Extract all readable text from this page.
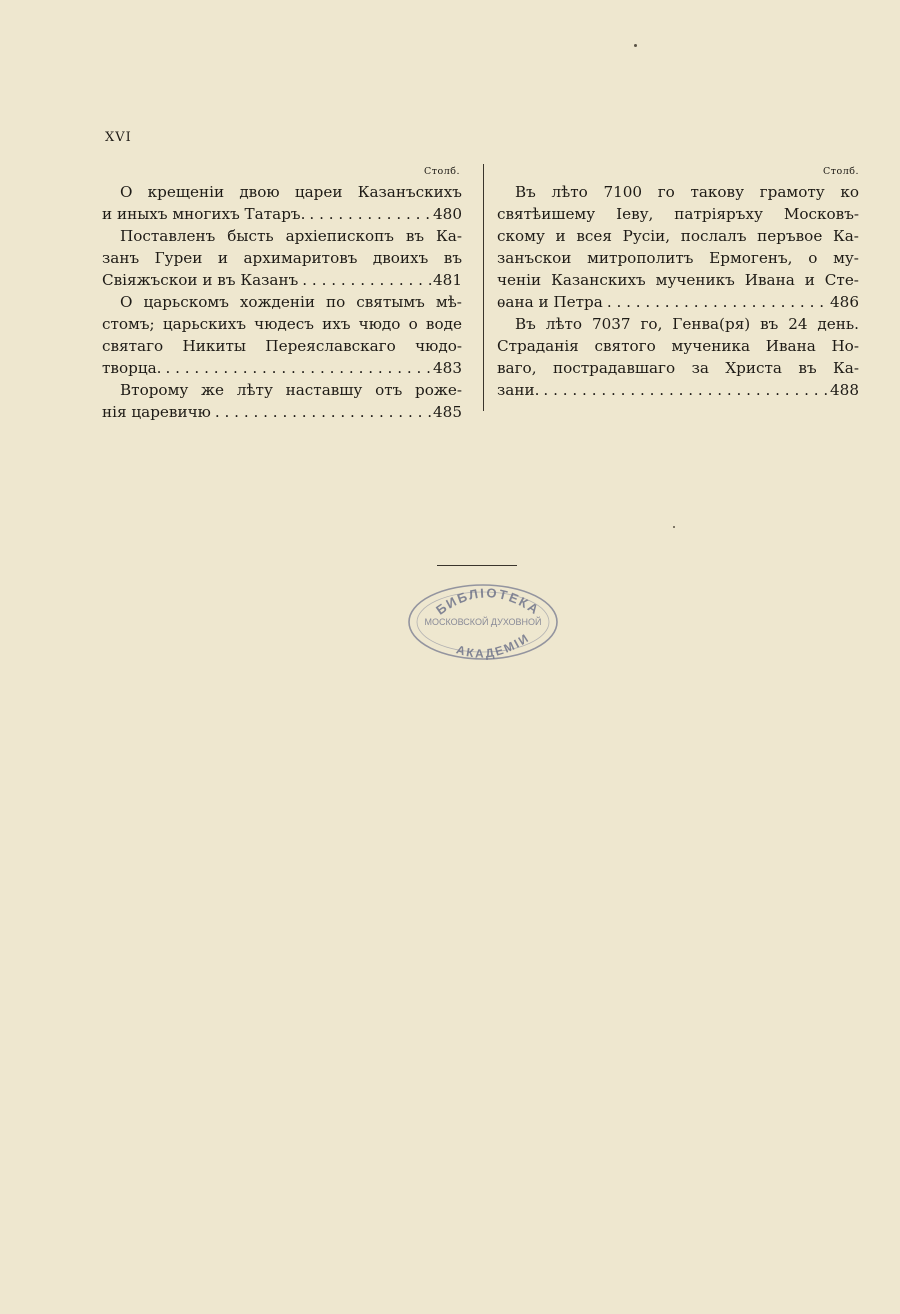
XVI
Столб.
О крещеніи двою цареи Казанъскихъ
и иныхъ многихъ Татаръ. . . .	480
Поставленъ бысть архіепископъ въ Ка-
занъ Гуреи и архимаритовъ двоихъ въ
Свіяжъскои и въ Казанъ . . .	481
О царьскомъ хожденіи по святымъ мѣ-
стомъ; царьскихъ чюдесъ ихъ чюдо о воде
святаго Никиты Переяславскаго чюдо-
творца. . . .	483
Второму же лѣту наставшу отъ роже-
нія царевичю . . .	485
Столб.
Въ лѣто 7100 го такову грамоту ко
святѣишему Іеву, патріяръху Московъ-
скому и всея Русіи, послалъ перъвое Ка-
занъскои митрополитъ Ермогенъ, о му-
ченіи Казанскихъ мученикъ Ивана и Сте-
ѳана и Петра . . .	486
Въ лѣто 7037 го, Генва(ря) въ 24 день.
Страданія святого мученика Ивана Но-
ваго, пострадавшаго за Христа въ Ка-
зани. . . .	488
БИБЛІОТЕКА
МОСКОВСКОЙ ДУХОВНОЙ
АКАДЕМІИ
